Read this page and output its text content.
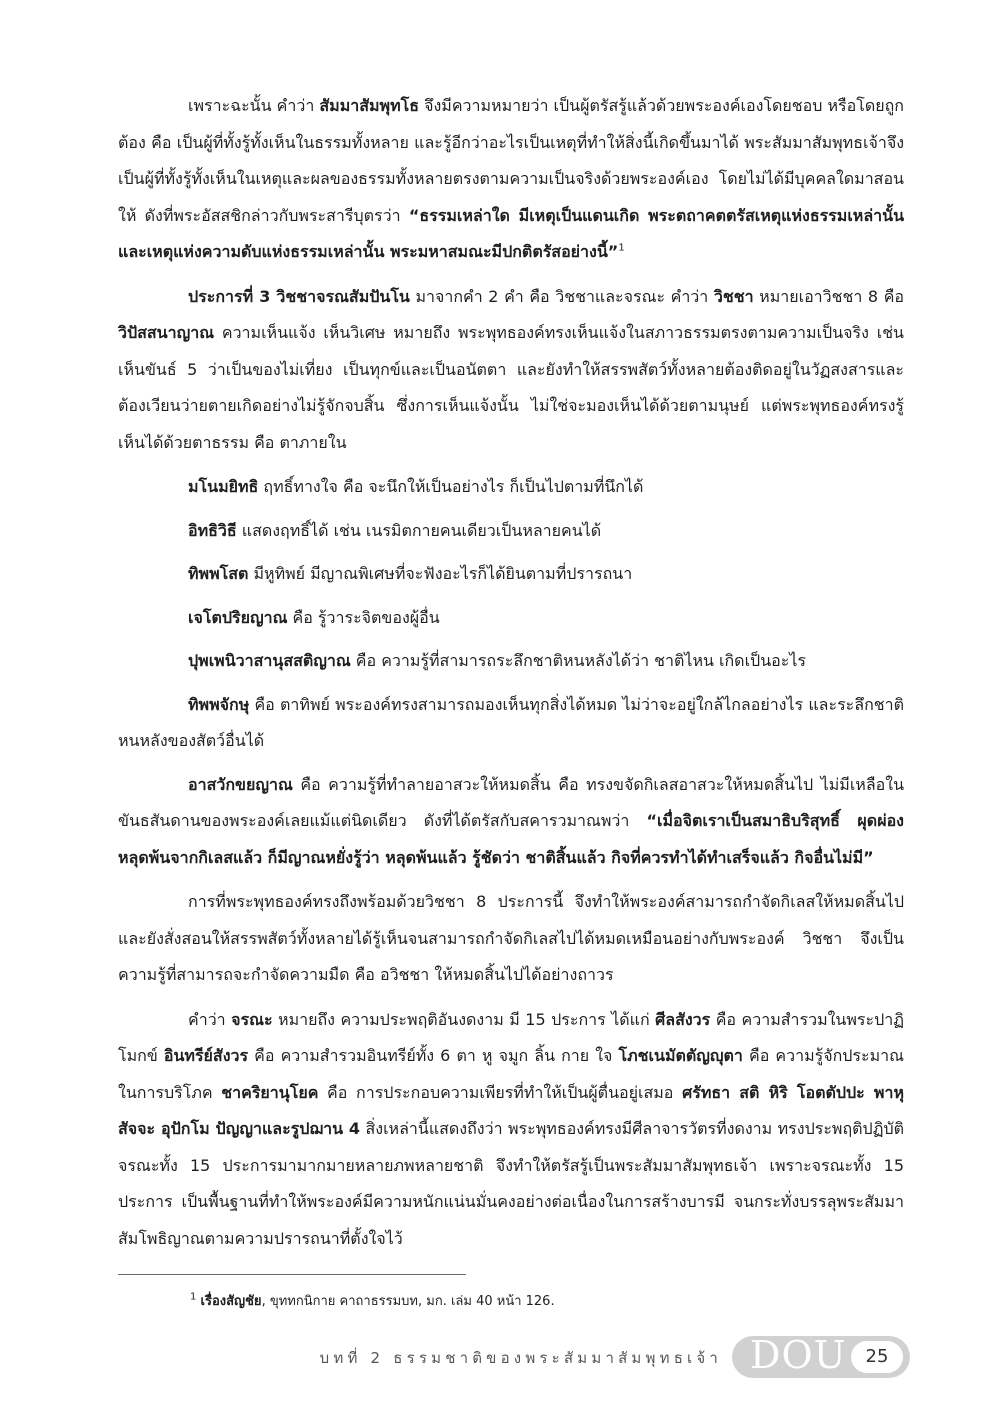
เพราะฉะนั้น คำว่า สัมมาสัมพุทโธ จึงมีความหมายว่า เป็นผู้ตรัสรู้แล้วด้วยพระองค์เองโดยชอบ หรือโดยถูกต้อง คือ เป็นผู้ที่ทั้งรู้ทั้งเห็นในธรรมทั้งหลาย และรู้อีกว่าอะไรเป็นเหตุที่ทำให้สิ่งนี้เกิดขึ้นมาได้ พระสัมมาสัมพุทธเจ้าจึงเป็นผู้ที่ทั้งรู้ทั้งเห็นในเหตุและผลของธรรมทั้งหลายตรงตามความเป็นจริงด้วยพระองค์เอง โดยไม่ได้มีบุคคลใดมาสอนให้ ดังที่พระอัสสชิกล่าวกับพระสารีบุตรว่า “ธรรมเหล่าใด มีเหตุเป็นแดนเกิด พระตถาคตตรัสเหตุแห่งธรรมเหล่านั้น และเหตุแห่งความดับแห่งธรรมเหล่านั้น พระมหาสมณะมีปกติตรัสอย่างนี้”$^1$

ประการที่ 3 วิชชาจรณสัมปันโน มาจากคำ 2 คำ คือ วิชชาและจรณะ คำว่า วิชชา หมายเอาวิชชา 8 คือ วิปัสสนาญาณ ความเห็นแจ้ง เห็นวิเศษ หมายถึง พระพุทธองค์ทรงเห็นแจ้งในสภาวธรรมตรงตามความเป็นจริง เช่น เห็นขันธ์ 5 ว่าเป็นของไม่เที่ยง เป็นทุกข์และเป็นอนัตตา และยังทำให้สรรพสัตว์ทั้งหลายต้องติดอยู่ในวัฏสงสารและต้องเวียนว่ายตายเกิดอย่างไม่รู้จักจบสิ้น ซึ่งการเห็นแจ้งนั้น ไม่ใช่จะมองเห็นได้ด้วยตามนุษย์ แต่พระพุทธองค์ทรงรู้เห็นได้ด้วยตาธรรม คือ ตาภายใน

มโนมยิทธิ ฤทธิ์ทางใจ คือ จะนึกให้เป็นอย่างไร ก็เป็นไปตามที่นึกได้

อิทธิวิธี แสดงฤทธิ์ได้ เช่น เนรมิตกายคนเดียวเป็นหลายคนได้

ทิพพโสต มีหูทิพย์ มีญาณพิเศษที่จะฟังอะไรก็ได้ยินตามที่ปรารถนา

เจโตปริยญาณ คือ รู้วาระจิตของผู้อื่น

ปุพเพนิวาสานุสสติญาณ คือ ความรู้ที่สามารถระลึกชาติหนหลังได้ว่า ชาติไหน เกิดเป็นอะไร

ทิพพจักษุ คือ ตาทิพย์ พระองค์ทรงสามารถมองเห็นทุกสิ่งได้หมด ไม่ว่าจะอยู่ใกล้ไกลอย่างไร และระลึกชาติหนหลังของสัตว์อื่นได้

อาสวักขยญาณ คือ ความรู้ที่ทำลายอาสวะให้หมดสิ้น คือ ทรงขจัดกิเลสอาสวะให้หมดสิ้นไป ไม่มีเหลือในขันธสันดานของพระองค์เลยแม้แต่นิดเดียว ดังที่ได้ตรัสกับสคารวมาณพว่า “เมื่อจิตเราเป็นสมาธิบริสุทธิ์ ผุดผ่อง หลุดพ้นจากกิเลสแล้ว ก็มีญาณหยั่งรู้ว่า หลุดพ้นแล้ว รู้ชัดว่า ชาติสิ้นแล้ว กิจที่ควรทำได้ทำเสร็จแล้ว กิจอื่นไม่มี”

การที่พระพุทธองค์ทรงถึงพร้อมด้วยวิชชา 8 ประการนี้ จึงทำให้พระองค์สามารถกำจัดกิเลสให้หมดสิ้นไปและยังสั่งสอนให้สรรพสัตว์ทั้งหลายได้รู้เห็นจนสามารถกำจัดกิเลสไปได้หมดเหมือนอย่างกับพระองค์ วิชชา จึงเป็นความรู้ที่สามารถจะกำจัดความมืด คือ อวิชชา ให้หมดสิ้นไปได้อย่างถาวร

คำว่า จรณะ หมายถึง ความประพฤติอันงดงาม มี 15 ประการ ได้แก่ ศีลสังวร คือ ความสำรวมในพระปาฏิโมกข์ อินทรีย์สังวร คือ ความสำรวมอินทรีย์ทั้ง 6 ตา หู จมูก ลิ้น กาย ใจ โภชเนมัตตัญญุตา คือ ความรู้จักประมาณในการบริโภค ชาคริยานุโยค คือ การประกอบความเพียรที่ทำให้เป็นผู้ตื่นอยู่เสมอ ศรัทธา สติ หิริ โอตตัปปะ พาหุสัจจะ อุปักโม ปัญญาและรูปฌาน 4 สิ่งเหล่านี้แสดงถึงว่า พระพุทธองค์ทรงมีศีลาจารวัตรที่งดงาม ทรงประพฤติปฏิบัติจรณะทั้ง 15 ประการมามากมายหลายภพหลายชาติ จึงทำให้ตรัสรู้เป็นพระสัมมาสัมพุทธเจ้า เพราะจรณะทั้ง 15 ประการ เป็นพื้นฐานที่ทำให้พระองค์มีความหนักแน่นมั่นคงอย่างต่อเนื่องในการสร้างบารมี จนกระทั่งบรรลุพระสัมมาสัมโพธิญาณตามความปรารถนาที่ตั้งใจไว้

$^1$ เรื่องสัญชัย, ขุททกนิกาย คาถาธรรมบท, มก. เล่ม 40 หน้า 126.
บทที่ 2 ธรรมชาติของพระสัมมาสัมพุทธเจ้า DOU	25
